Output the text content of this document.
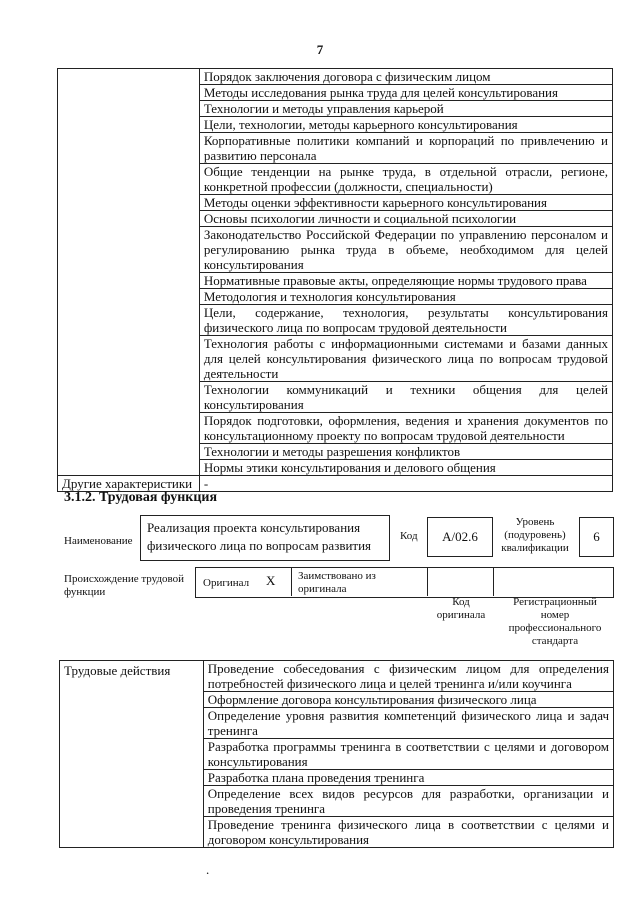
7
	Порядок заключения договора с физическим лицом
	Методы исследования рынка труда для целей консультирования
	Технологии и методы управления карьерой
	Цели, технологии, методы карьерного консультирования
	Корпоративные политики компаний и корпораций по привлечению и развитию персонала
	Общие тенденции на рынке труда, в отдельной отрасли, регионе, конкретной профессии (должности, специальности)
	Методы оценки эффективности карьерного консультирования
	Основы психологии личности и социальной психологии
	Законодательство Российской Федерации по управлению персоналом и регулированию рынка труда в объеме, необходимом для целей консультирования
	Нормативные правовые акты, определяющие нормы трудового права
	Методология и технология консультирования
	Цели, содержание, технология, результаты консультирования физического лица по вопросам трудовой деятельности
	Технология работы с информационными системами и базами данных для целей консультирования физического лица по вопросам трудовой деятельности
	Технологии коммуникаций и техники общения для целей консультирования
	Порядок подготовки, оформления, ведения и хранения документов по консультационному проекту по вопросам трудовой деятельности
	Технологии и методы разрешения конфликтов
	Нормы этики консультирования и делового общения
Другие характеристики	-
3.1.2. Трудовая функция
Наименование
Реализация проекта консультирования физического лица по вопросам развития
Код	A/02.6
Уровень (подуровень) квалификации
6
Происхождение трудовой функции
Оригинал X Заимствовано из оригинала
Код оригинала
Регистрационный номер профессионального стандарта
Трудовые действия	Проведение собеседования с физическим лицом для определения потребностей физического лица и целей тренинга и/или коучинга
Оформление договора консультирования физического лица
Определение уровня развития компетенций физического лица и задач тренинга
Разработка программы тренинга в соответствии с целями и договором консультирования
Разработка плана проведения тренинга
Определение всех видов ресурсов для разработки, организации и проведения тренинга
Проведение тренинга физического лица в соответствии с целями и договором консультирования
.
